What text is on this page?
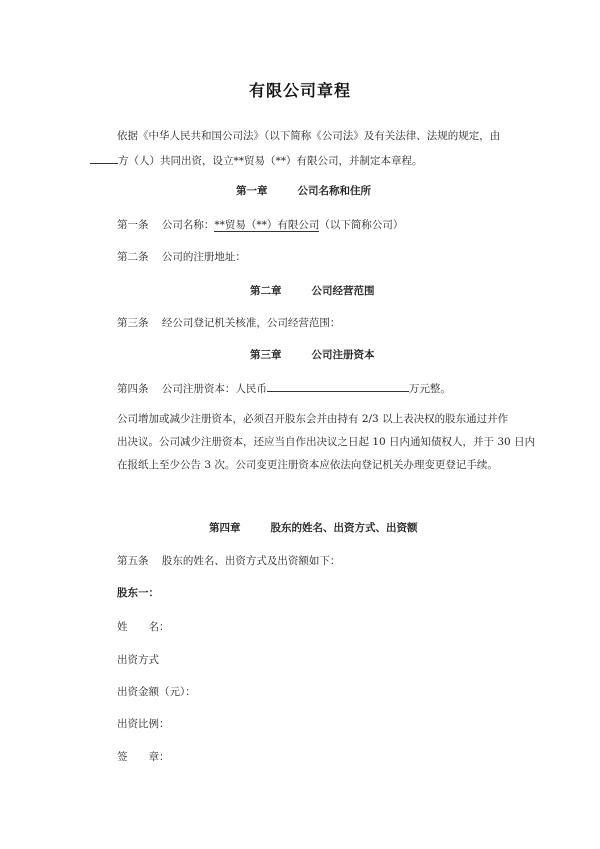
有限公司章程
依据《中华人民共和国公司法》（以下简称《公司法》及有关法律、法规的规定，由
方（人）共同出资，设立**贸易（**）有限公司，并制定本章程。
第一章	公司名称和住所
第一条 公司名称：**贸易（**）有限公司（以下简称公司）
第二条 公司的注册地址：
第二章	公司经营范围
第三条 经公司登记机关核准，公司经营范围：
第三章	公司注册资本
第四条 公司注册资本：人民币	万元整。
公司增加或减少注册资本，必须召开股东会并由持有 2/3 以上表决权的股东通过并作
出决议。公司减少注册资本，还应当自作出决议之日起 10 日内通知债权人，并于 30 日内
在报纸上至少公告 3 次。公司变更注册资本应依法向登记机关办理变更登记手续。
第四章	股东的姓名、出资方式、出资额
第五条 股东的姓名、出资方式及出资额如下：
股东一：
姓　　名：
出资方式
出资金额（元）：
出资比例：
签　　章：
